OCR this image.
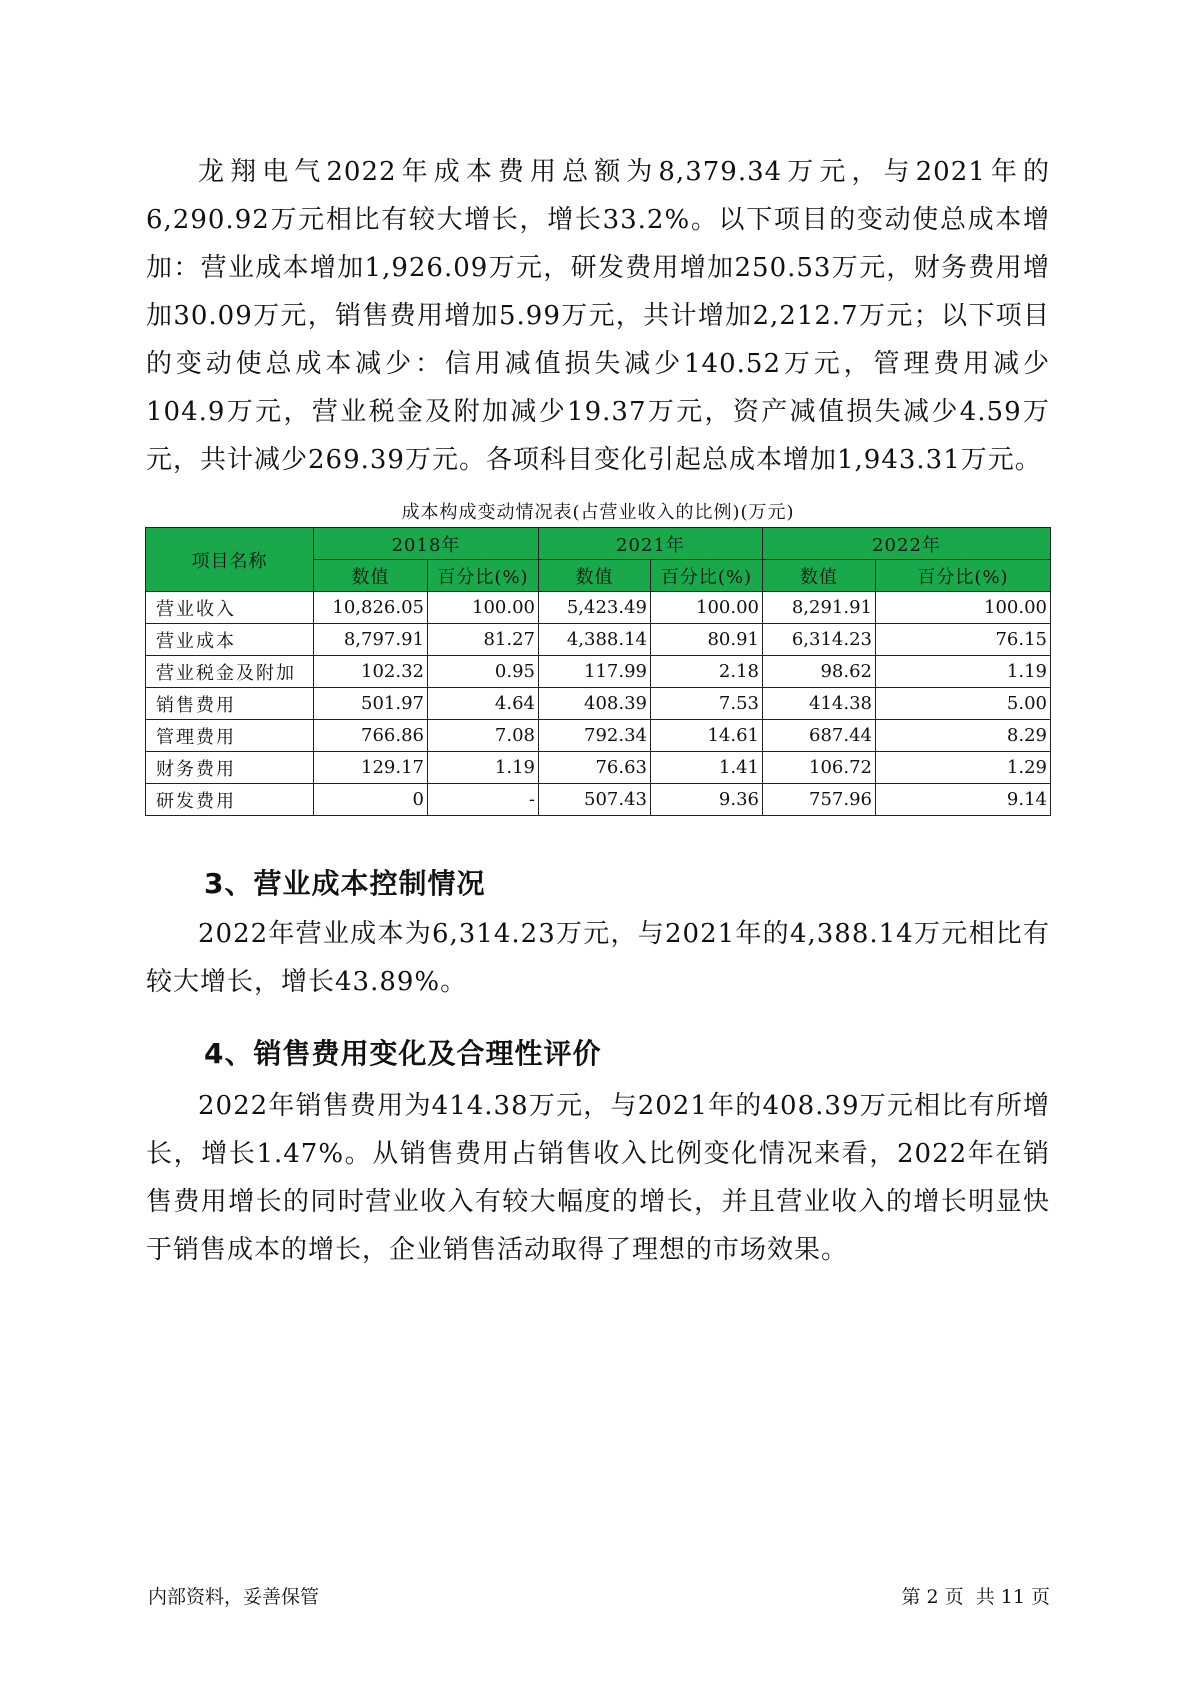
龙翔电气2022年成本费用总额为8,379.34万元，与2021年的6,290.92万元相比有较大增长，增长33.2%。以下项目的变动使总成本增加：营业成本增加1,926.09万元，研发费用增加250.53万元，财务费用增加30.09万元，销售费用增加5.99万元，共计增加2,212.7万元；以下项目的变动使总成本减少：信用减值损失减少140.52万元，管理费用减少104.9万元，营业税金及附加减少19.37万元，资产减值损失减少4.59万元，共计减少269.39万元。各项科目变化引起总成本增加1,943.31万元。

成本构成变动情况表(占营业收入的比例)(万元)
项目名称	2018年		2021年		2022年	
	数值	百分比(%)	数值	百分比(%)	数值	百分比(%)
营业收入	10,826.05	100.00	5,423.49	100.00	8,291.91	100.00
营业成本	8,797.91	81.27	4,388.14	80.91	6,314.23	76.15
营业税金及附加	102.32	0.95	117.99	2.18	98.62	1.19
销售费用	501.97	4.64	408.39	7.53	414.38	5.00
管理费用	766.86	7.08	792.34	14.61	687.44	8.29
财务费用	129.17	1.19	76.63	1.41	106.72	1.29
研发费用	0	-	507.43	9.36	757.96	9.14
3、营业成本控制情况

2022年营业成本为6,314.23万元，与2021年的4,388.14万元相比有较大增长，增长43.89%。

4、销售费用变化及合理性评价

2022年销售费用为414.38万元，与2021年的408.39万元相比有所增长，增长1.47%。从销售费用占销售收入比例变化情况来看，2022年在销售费用增长的同时营业收入有较大幅度的增长，并且营业收入的增长明显快于销售成本的增长，企业销售活动取得了理想的市场效果。

内部资料，妥善保管	第 2 页  共 11 页
